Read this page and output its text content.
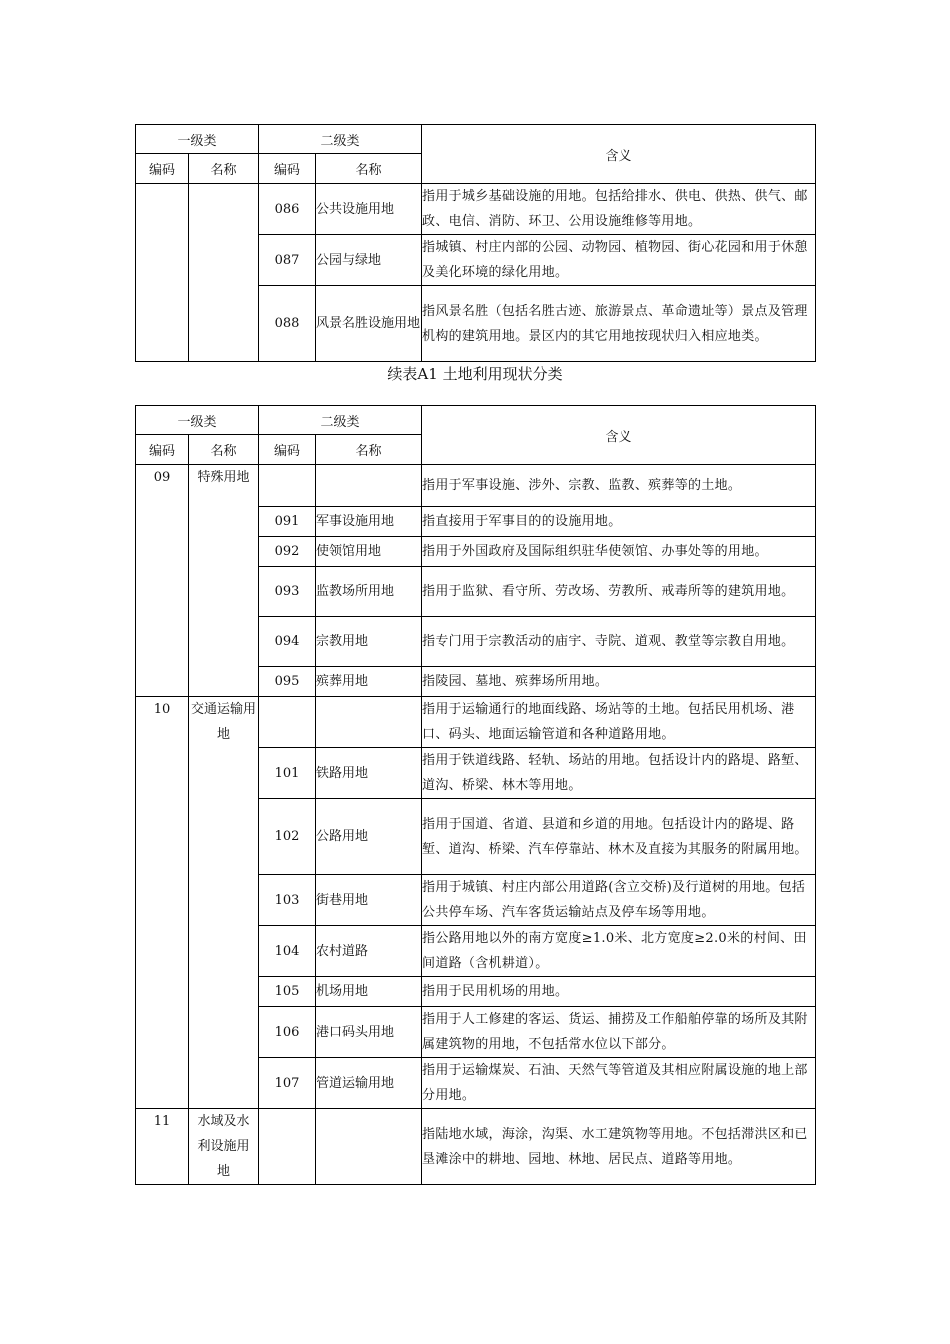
一级类		二级类		含义
编码	名称	编码	名称	
		086	公共设施用地	指用于城乡基础设施的用地。包括给排水、供电、供热、供气、邮政、电信、消防、环卫、公用设施维修等用地。
		087	公园与绿地	指城镇、村庄内部的公园、动物园、植物园、街心花园和用于休憩及美化环境的绿化用地。
		088	风景名胜设施用地	指风景名胜（包括名胜古迹、旅游景点、革命遗址等）景点及管理机构的建筑用地。景区内的其它用地按现状归入相应地类。
续表A1 土地利用现状分类
一级类		二级类		含义
编码	名称	编码	名称	
09	特殊用地			指用于军事设施、涉外、宗教、监教、殡葬等的土地。
		091	军事设施用地	指直接用于军事目的的设施用地。
		092	使领馆用地	指用于外国政府及国际组织驻华使领馆、办事处等的用地。
		093	监教场所用地	指用于监狱、看守所、劳改场、劳教所、戒毒所等的建筑用地。
		094	宗教用地	指专门用于宗教活动的庙宇、寺院、道观、教堂等宗教自用地。
		095	殡葬用地	指陵园、墓地、殡葬场所用地。
10	交通运输用地			指用于运输通行的地面线路、场站等的土地。包括民用机场、港口、码头、地面运输管道和各种道路用地。
		101	铁路用地	指用于铁道线路、轻轨、场站的用地。包括设计内的路堤、路堑、道沟、桥梁、林木等用地。
		102	公路用地	指用于国道、省道、县道和乡道的用地。包括设计内的路堤、路堑、道沟、桥梁、汽车停靠站、林木及直接为其服务的附属用地。
		103	街巷用地	指用于城镇、村庄内部公用道路(含立交桥)及行道树的用地。包括公共停车场、汽车客货运输站点及停车场等用地。
		104	农村道路	指公路用地以外的南方宽度≥1.0米、北方宽度≥2.0米的村间、田间道路（含机耕道）。
		105	机场用地	指用于民用机场的用地。
		106	港口码头用地	指用于人工修建的客运、货运、捕捞及工作船舶停靠的场所及其附属建筑物的用地，不包括常水位以下部分。
		107	管道运输用地	指用于运输煤炭、石油、天然气等管道及其相应附属设施的地上部分用地。
11	水域及水利设施用地			指陆地水域，海涂，沟渠、水工建筑物等用地。不包括滞洪区和已垦滩涂中的耕地、园地、林地、居民点、道路等用地。
